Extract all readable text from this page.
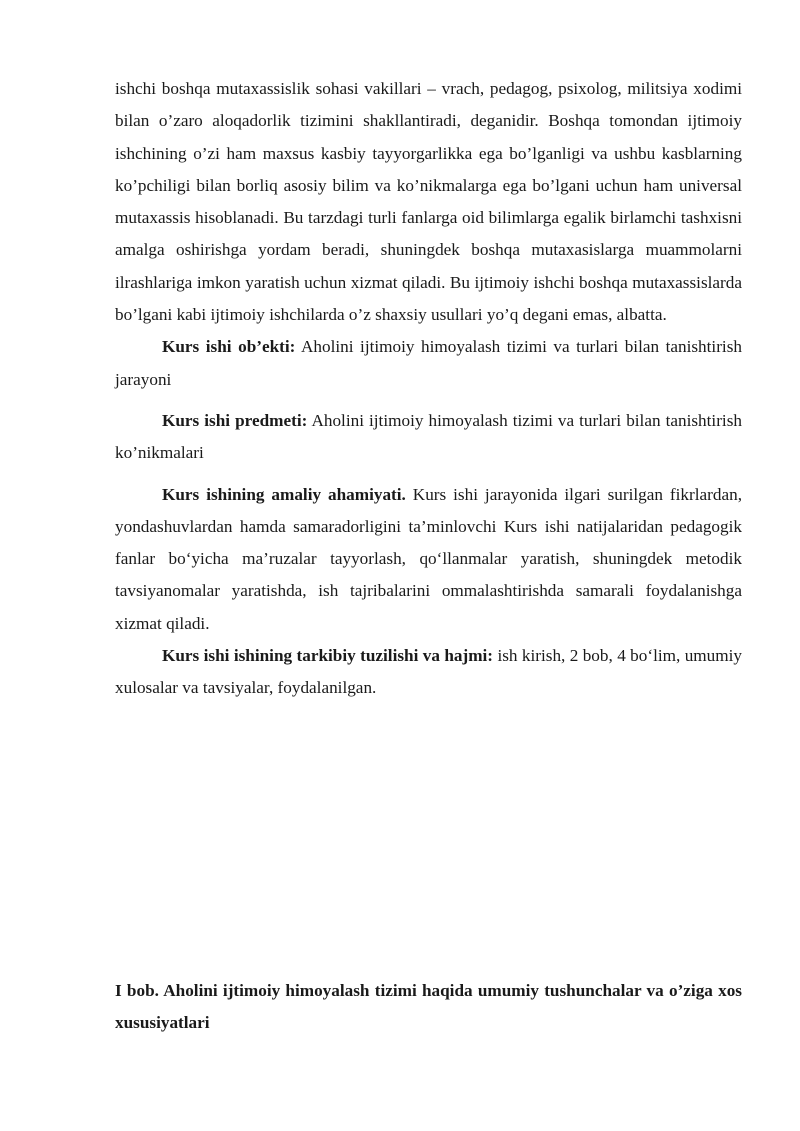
ishchi boshqa mutaxassislik sohasi vakillari – vrach, pedagog, psixolog, militsiya xodimi bilan o’zaro aloqadorlik tizimini shakllantiradi, deganidir. Boshqa tomondan ijtimoiy ishchining o’zi ham maxsus kasbiy tayyorgarlikka ega bo’lganligi va ushbu kasblarning ko’pchiligi bilan borliq asosiy bilim va ko’nikmalarga ega bo’lgani uchun ham universal mutaxassis hisoblanadi. Bu tarzdagi turli fanlarga oid bilimlarga egalik birlamchi tashxisni amalga oshirishga yordam beradi, shuningdek boshqa mutaxasislarga muammolarni ilrashlariga imkon yaratish uchun xizmat qiladi. Bu ijtimoiy ishchi boshqa mutaxassislarda bo’lgani kabi ijtimoiy ishchilarda o’z shaxsiy usullari yo’q degani emas, albatta.

Kurs ishi ob’ekti: Aholini ijtimoiy himoyalash tizimi va turlari bilan tanishtirish jarayoni

Kurs ishi predmeti: Aholini ijtimoiy himoyalash tizimi va turlari bilan tanishtirish ko’nikmalari

Kurs ishining amaliy ahamiyati. Kurs ishi jarayonida ilgari surilgan fikrlardan, yondashuvlardan hamda samaradorligini ta’minlovchi Kurs ishi natijalaridan pedagogik fanlar bo‘yicha ma’ruzalar tayyorlash, qo‘llanmalar yaratish, shuningdek metodik tavsiyanomalar yaratishda, ish tajribalarini ommalashtirishda samarali foydalanishga xizmat qiladi.

Kurs ishi ishining tarkibiy tuzilishi va hajmi: ish kirish, 2 bob, 4 bo‘lim, umumiy xulosalar va tavsiyalar, foydalanilgan.

I bob. Aholini ijtimoiy himoyalash tizimi haqida umumiy tushunchalar va o’ziga xos xususiyatlari
